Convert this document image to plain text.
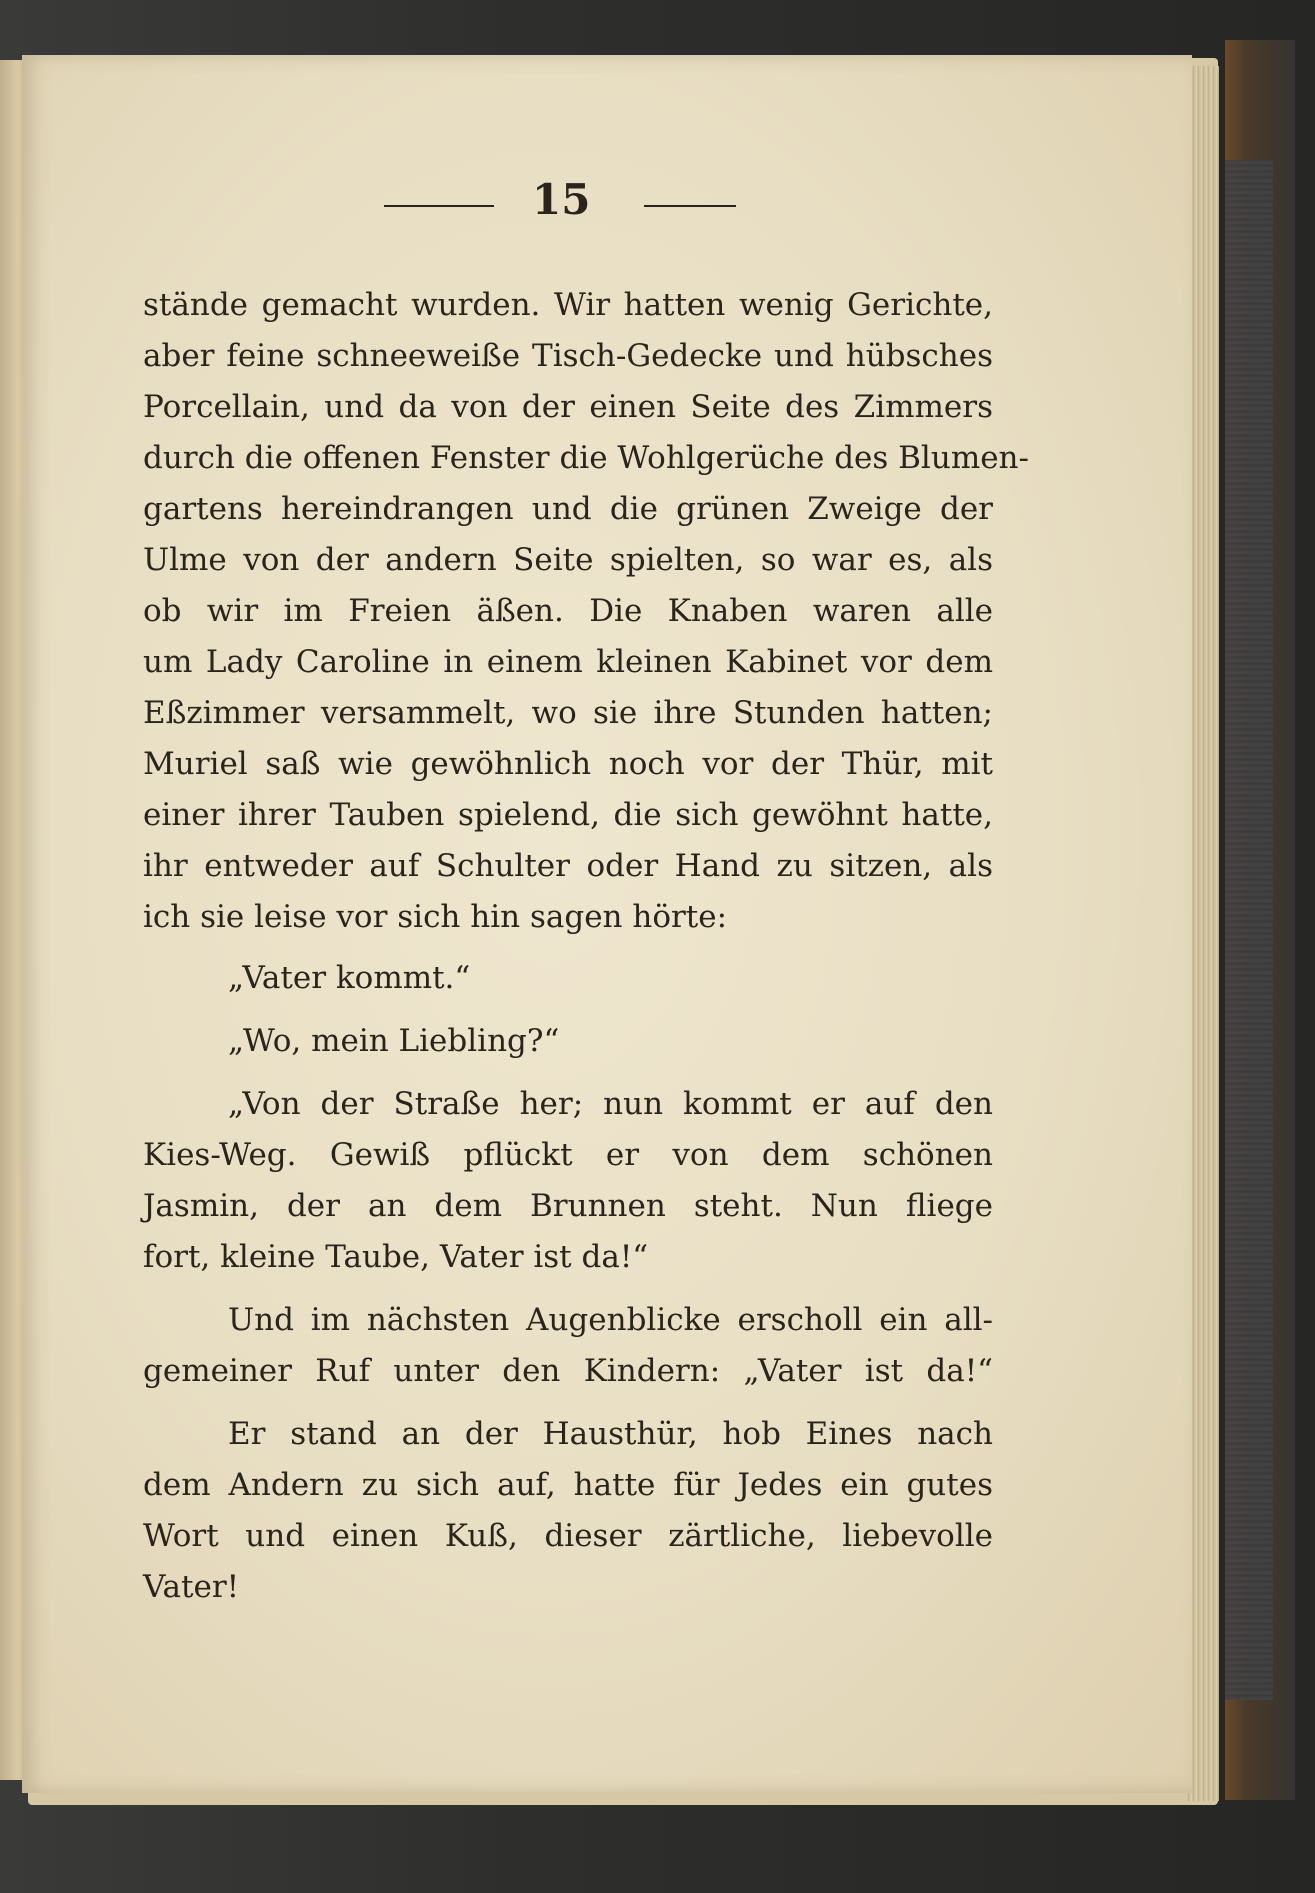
15
stände gemacht wurden. Wir hatten wenig Gerichte,
aber feine schneeweiße Tisch-Gedecke und hübsches
Porcellain, und da von der einen Seite des Zimmers
durch die offenen Fenster die Wohlgerüche des Blumen-
gartens hereindrangen und die grünen Zweige der
Ulme von der andern Seite spielten, so war es, als
ob wir im Freien äßen. Die Knaben waren alle
um Lady Caroline in einem kleinen Kabinet vor dem
Eßzimmer versammelt, wo sie ihre Stunden hatten;
Muriel saß wie gewöhnlich noch vor der Thür, mit
einer ihrer Tauben spielend, die sich gewöhnt hatte,
ihr entweder auf Schulter oder Hand zu sitzen, als
ich sie leise vor sich hin sagen hörte:
„Vater kommt.“
„Wo, mein Liebling?“
„Von der Straße her; nun kommt er auf den
Kies-Weg. Gewiß pflückt er von dem schönen
Jasmin, der an dem Brunnen steht. Nun fliege
fort, kleine Taube, Vater ist da!“
Und im nächsten Augenblicke erscholl ein all-
gemeiner Ruf unter den Kindern: „Vater ist da!“
Er stand an der Hausthür, hob Eines nach
dem Andern zu sich auf, hatte für Jedes ein gutes
Wort und einen Kuß, dieser zärtliche, liebevolle
Vater!
